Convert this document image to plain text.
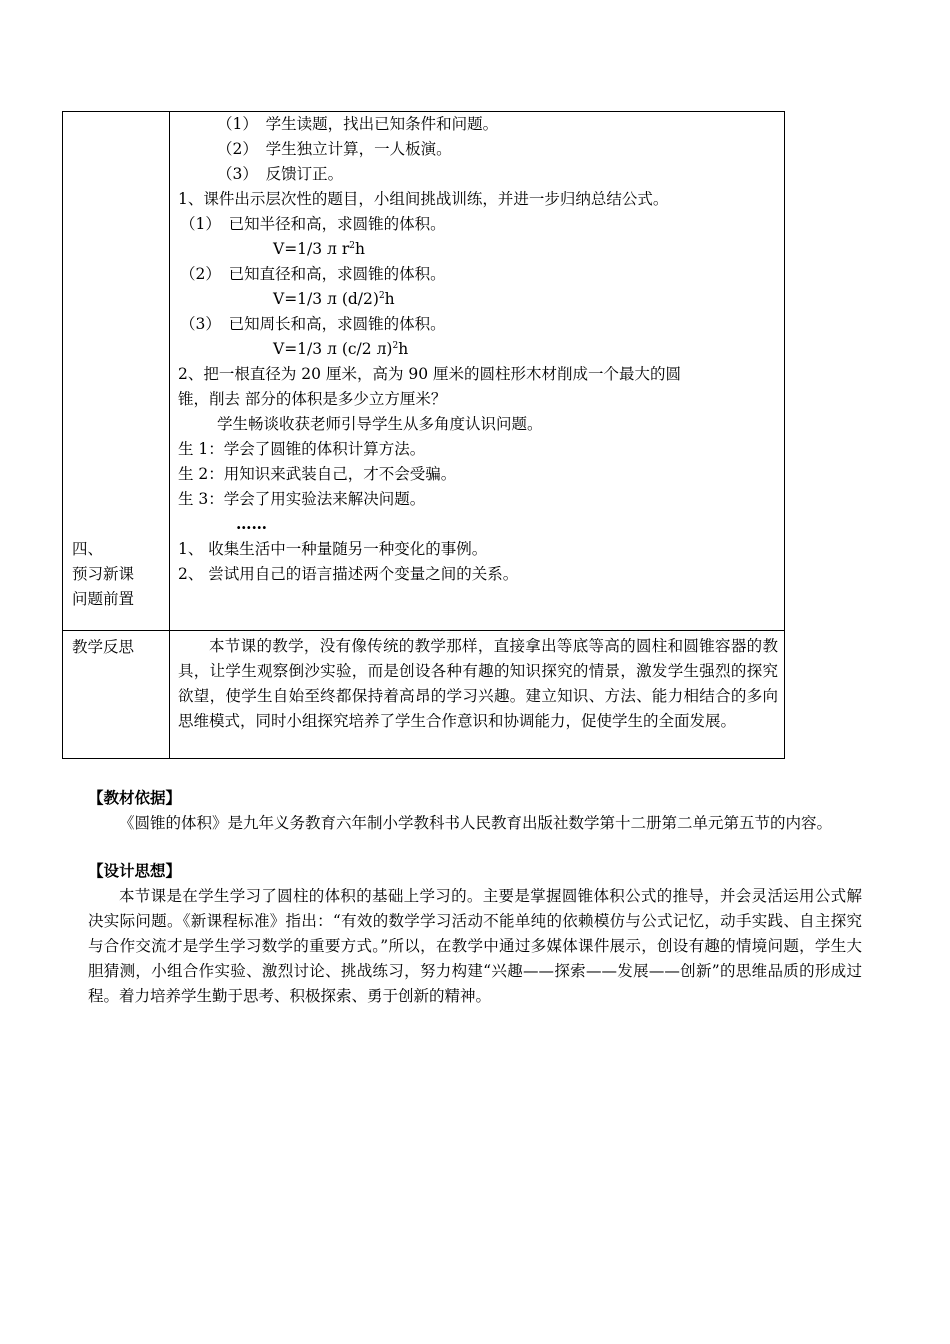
（1）　学生读题，找出已知条件和问题。
（2）　学生独立计算，一人板演。
（3）　反馈订正。
1、课件出示层次性的题目，小组间挑战训练，并进一步归纳总结公式。
（1）　已知半径和高，求圆锥的体积。
V=1/3 л $r^2h$
（2）　已知直径和高，求圆锥的体积。
V=1/3 л $(d/2)^2h$
（3）　已知周长和高，求圆锥的体积。
V=1/3 л (c/2 л)$^2$h
2、把一根直径为 20 厘米，高为 90 厘米的圆柱形木材削成一个最大的圆
锥，削去 部分的体积是多少立方厘米？
学生畅谈收获老师引导学生从多角度认识问题。
生 1：学会了圆锥的体积计算方法。
生 2：用知识来武装自己，才不会受骗。
生 3：学会了用实验法来解决问题。
……
四、
预习新课
问题前置
1、 收集生活中一种量随另一种变化的事例。
2、 尝试用自己的语言描述两个变量之间的关系。
教学反思	本节课的教学，没有像传统的教学那样，直接拿出等底等高的圆柱和圆锥容器的教具，让学生观察倒沙实验，而是创设各种有趣的知识探究的情景，激发学生强烈的探究欲望，使学生自始至终都保持着高昂的学习兴趣。建立知识、方法、能力相结合的多向思维模式，同时小组探究培养了学生合作意识和协调能力，促使学生的全面发展。
【教材依据】
《圆锥的体积》是九年义务教育六年制小学教科书人民教育出版社数学第十二册第二单元第五节的内容。
【设计思想】
本节课是在学生学习了圆柱的体积的基础上学习的。主要是掌握圆锥体积公式的推导，并会灵活运用公式解决实际问题。《新课程标准》指出：“有效的数学学习活动不能单纯的依赖模仿与公式记忆，动手实践、自主探究与合作交流才是学生学习数学的重要方式。”所以，在教学中通过多媒体课件展示，创设有趣的情境问题，学生大胆猜测，小组合作实验、激烈讨论、挑战练习，努力构建“兴趣——探索——发展——创新”的思维品质的形成过程。着力培养学生勤于思考、积极探索、勇于创新的精神。
